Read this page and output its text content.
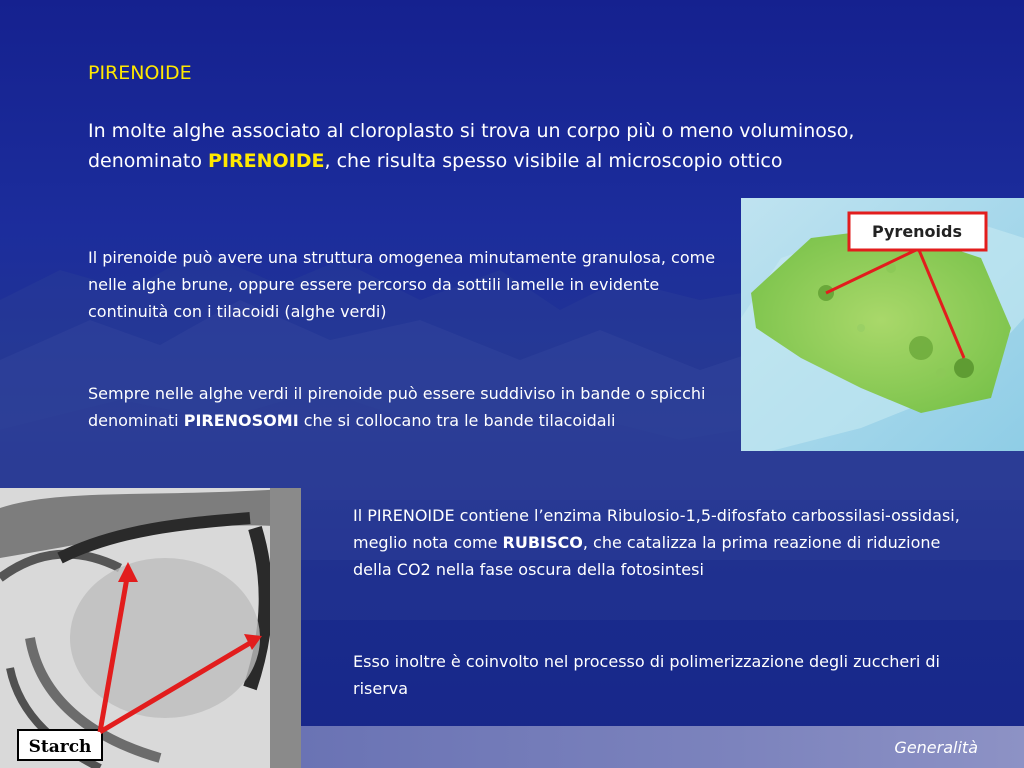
PIRENOIDE
In molte alghe associato al cloroplasto si trova un corpo più o meno voluminoso, denominato PIRENOIDE, che risulta spesso visibile al microscopio ottico
Il pirenoide può avere una struttura omogenea minutamente granulosa, come nelle alghe brune, oppure essere percorso da sottili lamelle in evidente continuità con i tilacoidi (alghe verdi)
Sempre nelle alghe verdi il pirenoide può essere suddiviso in bande o spicchi denominati PIRENOSOMI che si collocano tra le bande tilacoidali
Il PIRENOIDE contiene l’enzima Ribulosio-1,5-difosfato carbossilasi-ossidasi, meglio nota come RUBISCO, che catalizza la prima reazione di riduzione della CO2 nella fase oscura della fotosintesi
Esso inoltre è coinvolto nel processo di polimerizzazione degli zuccheri di riserva
Pyrenoids
Starch	Generalità
